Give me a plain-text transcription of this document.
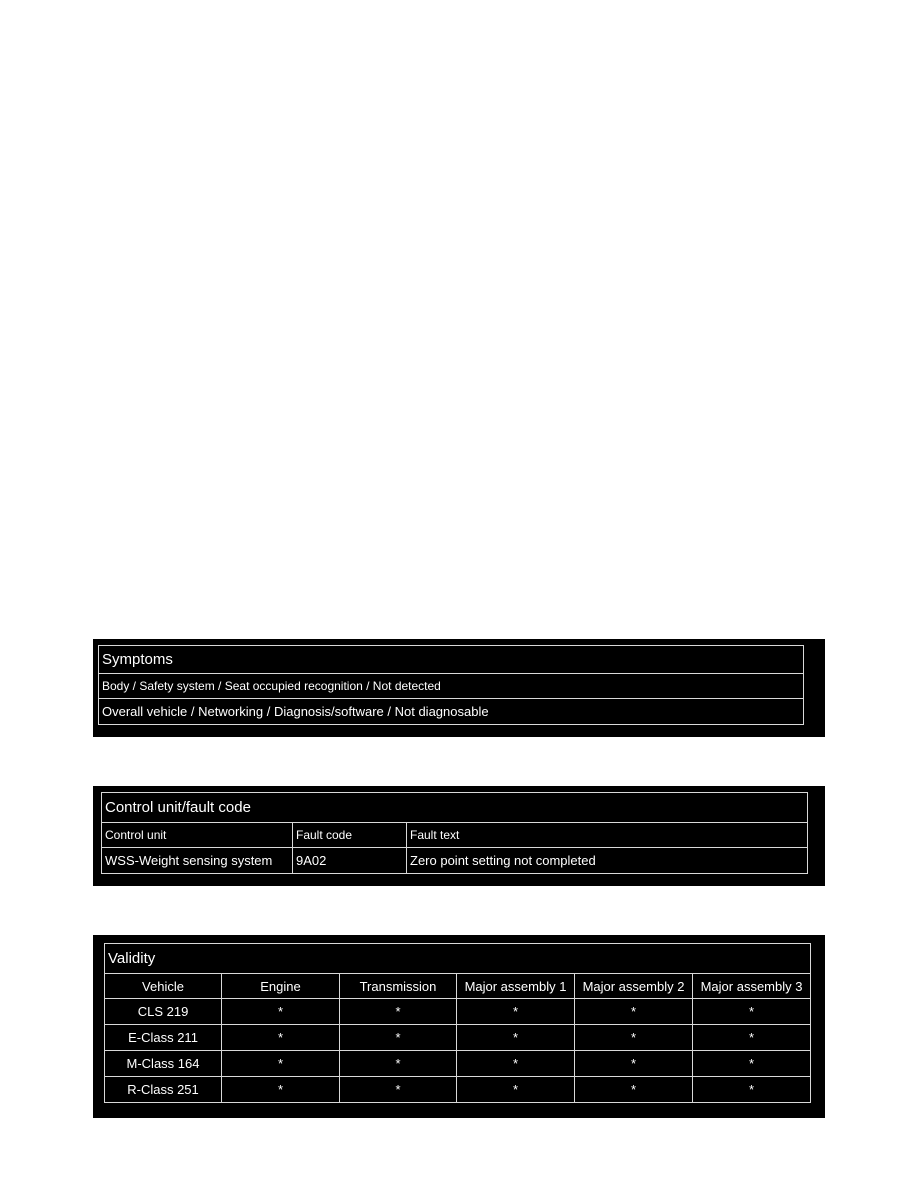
Symptoms
Body / Safety system / Seat occupied recognition / Not detected
Overall vehicle / Networking / Diagnosis/software / Not diagnosable
Control unit/fault code		
Control unit	Fault code	Fault text
WSS-Weight sensing system	9A02	Zero point setting not completed
Validity					
Vehicle	Engine	Transmission	Major assembly 1	Major assembly 2	Major assembly 3
CLS 219	*	*	*	*	*
E-Class 211	*	*	*	*	*
M-Class 164	*	*	*	*	*
R-Class 251	*	*	*	*	*
